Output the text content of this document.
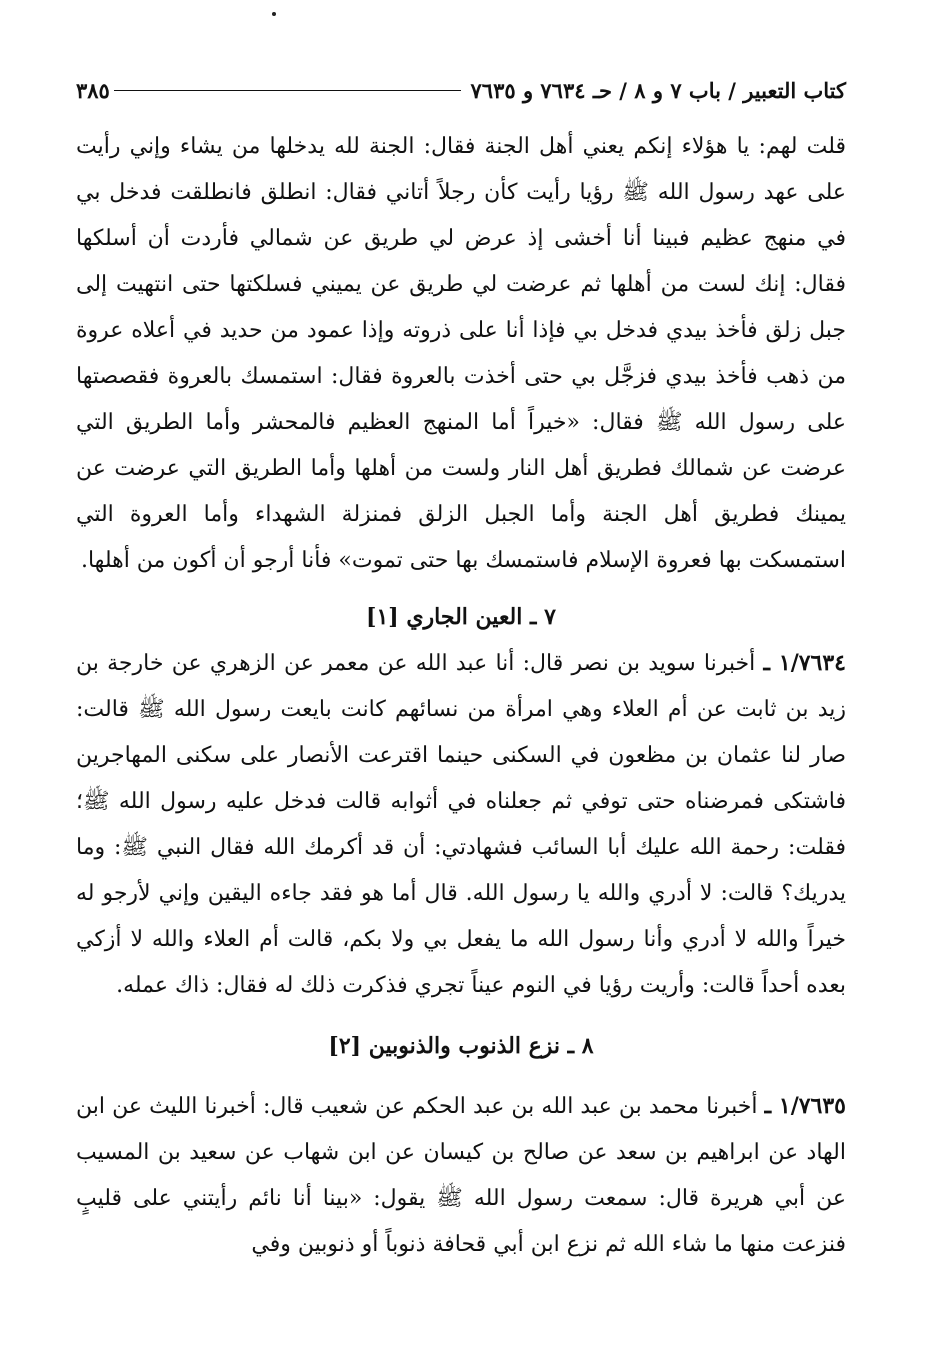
كتاب التعبير / باب ٧ و ٨ / حـ ٧٦٣٤ و ٧٦٣٥
٣٨٥

قلت لهم: يا هؤلاء إنكم يعني أهل الجنة فقال: الجنة لله يدخلها من يشاء وإني رأيت على عهد رسول الله ﷺ رؤيا رأيت كأن رجلاً أتاني فقال: انطلق فانطلقت فدخل بي في منهج عظيم فبينا أنا أخشى إذ عرض لي طريق عن شمالي فأردت أن أسلكها فقال: إنك لست من أهلها ثم عرضت لي طريق عن يميني فسلكتها حتى انتهيت إلى جبل زلق فأخذ بيدي فدخل بي فإذا أنا على ذروته وإذا عمود من حديد في أعلاه عروة من ذهب فأخذ بيدي فزجَّل بي حتى أخذت بالعروة فقال: استمسك بالعروة فقصصتها على رسول الله ﷺ فقال: «خيراً أما المنهج العظيم فالمحشر وأما الطريق التي عرضت عن شمالك فطريق أهل النار ولست من أهلها وأما الطريق التي عرضت عن يمينك فطريق أهل الجنة وأما الجبل الزلق فمنزلة الشهداء وأما العروة التي استمسكت بها فعروة الإسلام فاستمسك بها حتى تموت» فأنا أرجو أن أكون من أهلها.

٧ ـ العين الجاري [١]

١/٧٦٣٤ ـ أخبرنا سويد بن نصر قال: أنا عبد الله عن معمر عن الزهري عن خارجة بن زيد بن ثابت عن أم العلاء وهي امرأة من نسائهم كانت بايعت رسول الله ﷺ قالت: صار لنا عثمان بن مظعون في السكنى حينما اقترعت الأنصار على سكنى المهاجرين فاشتكى فمرضناه حتى توفي ثم جعلناه في أثوابه قالت فدخل عليه رسول الله ﷺ؛ فقلت: رحمة الله عليك أبا السائب فشهادتي: أن قد أكرمك الله فقال النبي ﷺ: وما يدريك؟ قالت: لا أدري والله يا رسول الله. قال أما هو فقد جاءه اليقين وإني لأرجو له خيراً والله لا أدري وأنا رسول الله ما يفعل بي ولا بكم، قالت أم العلاء والله لا أزكي بعده أحداً قالت: وأريت رؤيا في النوم عيناً تجري فذكرت ذلك له فقال: ذاك عمله.

٨ ـ نزع الذنوب والذنوبين [٢]

١/٧٦٣٥ ـ أخبرنا محمد بن عبد الله بن عبد الحكم عن شعيب قال: أخبرنا الليث عن ابن الهاد عن ابراهيم بن سعد عن صالح بن كيسان عن ابن شهاب عن سعيد بن المسيب عن أبي هريرة قال: سمعت رسول الله ﷺ يقول: «بينا أنا نائم رأيتني على قليبٍ فنزعت منها ما شاء الله ثم نزع ابن أبي قحافة ذنوباً أو ذنوبين وفي
